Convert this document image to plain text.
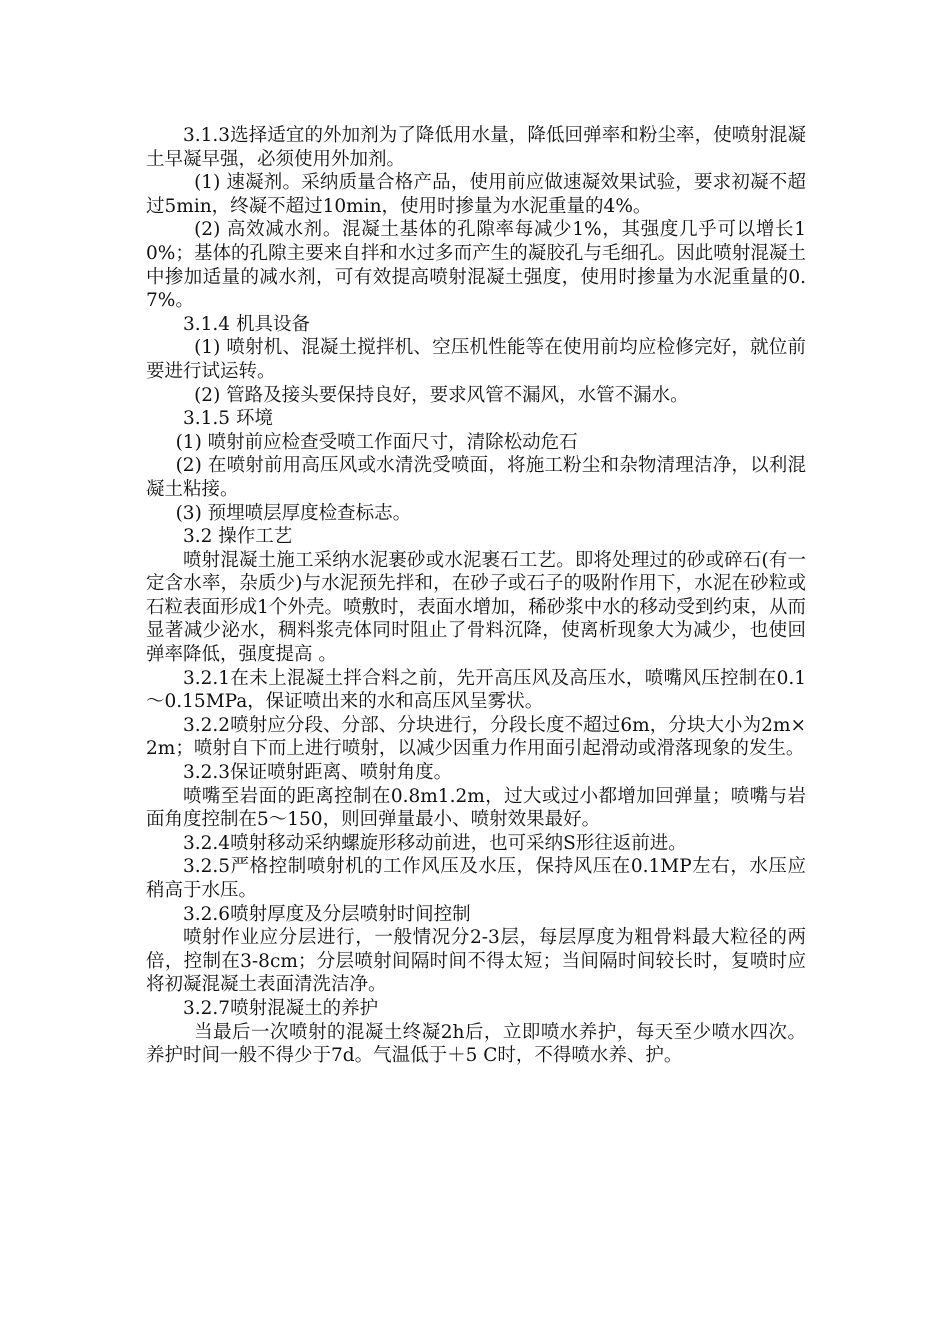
3.1.3选择适宜的外加剂为了降低用水量，降低回弹率和粉尘率，使喷射混凝土早凝早强，必须使用外加剂。

(1) 速凝剂。采纳质量合格产品，使用前应做速凝效果试验，要求初凝不超过5min，终凝不超过10min，使用时掺量为水泥重量的4%。

(2) 高效减水剂。混凝土基体的孔隙率每减少1%，其强度几乎可以增长10%；基体的孔隙主要来自拌和水过多而产生的凝胶孔与毛细孔。因此喷射混凝土中掺加适量的减水剂，可有效提高喷射混凝土强度，使用时掺量为水泥重量的0.7%。

3.1.4 机具设备

(1) 喷射机、混凝土搅拌机、空压机性能等在使用前均应检修完好，就位前要进行试运转。

(2) 管路及接头要保持良好，要求风管不漏风，水管不漏水。

3.1.5 环境

(1) 喷射前应检查受喷工作面尺寸，清除松动危石

(2) 在喷射前用高压风或水清洗受喷面，将施工粉尘和杂物清理洁净，以利混凝土粘接。

(3) 预埋喷层厚度检查标志。

3.2 操作工艺

喷射混凝土施工采纳水泥裹砂或水泥裹石工艺。即将处理过的砂或碎石(有一定含水率，杂质少)与水泥预先拌和，在砂子或石子的吸附作用下，水泥在砂粒或石粒表面形成1个外壳。喷敷时，表面水增加，稀砂浆中水的移动受到约束，从而显著减少泌水，稠料浆壳体同时阻止了骨料沉降，使离析现象大为减少，也使回弹率降低，强度提高 。

3.2.1在未上混凝土拌合料之前，先开高压风及高压水，喷嘴风压控制在0.1～0.15MPa，保证喷出来的水和高压风呈雾状。

3.2.2喷射应分段、分部、分块进行，分段长度不超过6m，分块大小为2m×2m；喷射自下而上进行喷射，以减少因重力作用面引起滑动或滑落现象的发生。

3.2.3保证喷射距离、喷射角度。

喷嘴至岩面的距离控制在0.8m1.2m，过大或过小都增加回弹量；喷嘴与岩面角度控制在5～150，则回弹量最小、喷射效果最好。

3.2.4喷射移动采纳螺旋形移动前进，也可采纳S形往返前进。

3.2.5严格控制喷射机的工作风压及水压，保持风压在0.1MP左右，水压应稍高于水压。

3.2.6喷射厚度及分层喷射时间控制

喷射作业应分层进行，一般情况分2-3层，每层厚度为粗骨料最大粒径的两倍，控制在3-8cm；分层喷射间隔时间不得太短；当间隔时间较长时，复喷时应将初凝混凝土表面清洗洁净。

3.2.7喷射混凝土的养护

当最后一次喷射的混凝土终凝2h后，立即喷水养护，每天至少喷水四次。养护时间一般不得少于7d。气温低于＋5 C时，不得喷水养、护。
